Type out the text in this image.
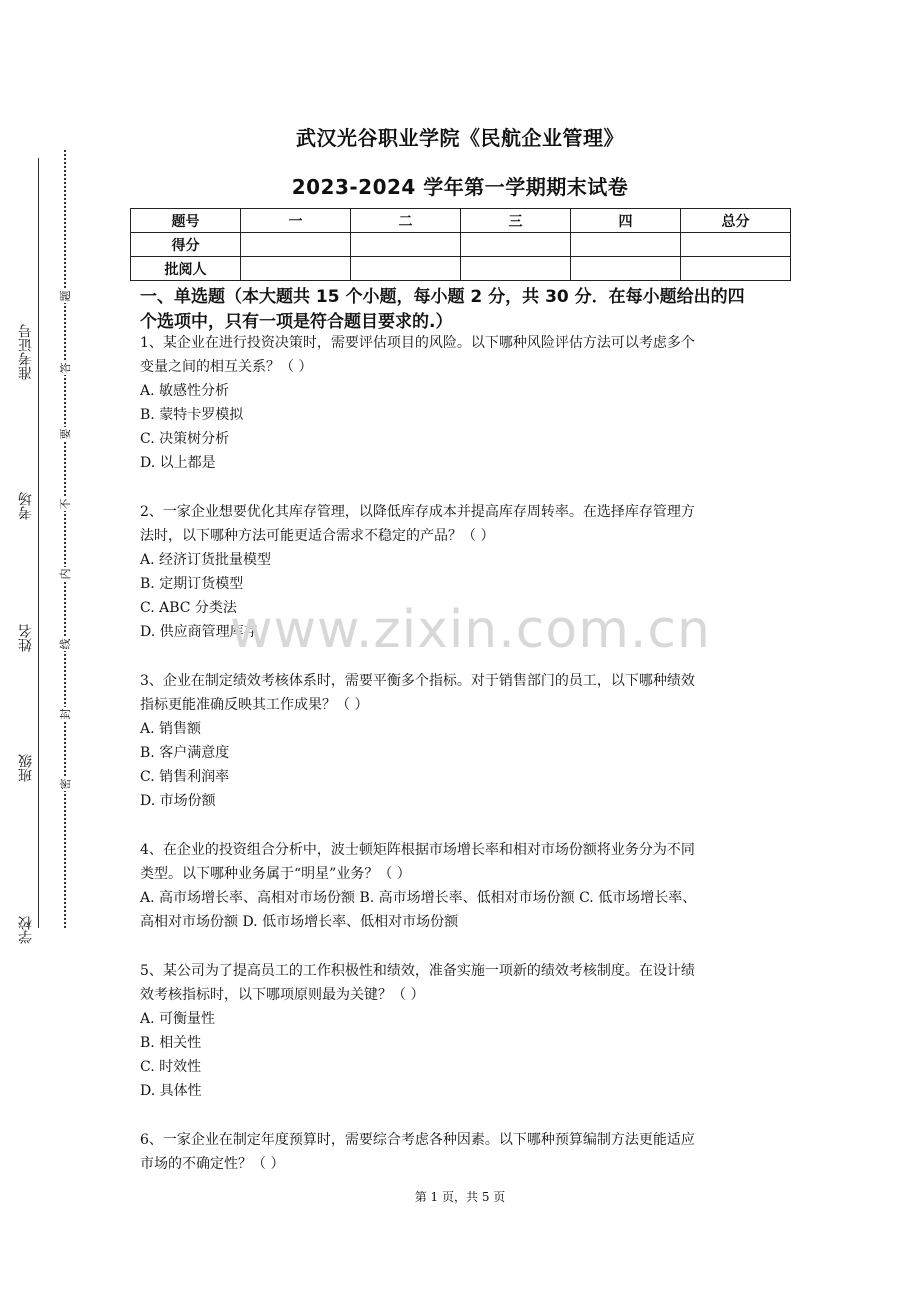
准考证号
考场
姓名
班级
学校
题
答
要
不
内
线
封
密
武汉光谷职业学院《民航企业管理》
2023-2024 学年第一学期期末试卷
题号	一	二	三	四	总分
得分					
批阅人					
一、单选题（本大题共 15 个小题，每小题 2 分，共 30 分．在每小题给出的四
个选项中，只有一项是符合题目要求的.）

1、某企业在进行投资决策时，需要评估项目的风险。以下哪种风险评估方法可以考虑多个

变量之间的相互关系？（ ）

A. 敏感性分析

B. 蒙特卡罗模拟

C. 决策树分析

D. 以上都是

2、一家企业想要优化其库存管理，以降低库存成本并提高库存周转率。在选择库存管理方

法时，以下哪种方法可能更适合需求不稳定的产品？（ ）

A. 经济订货批量模型

B. 定期订货模型

C. ABC 分类法

D. 供应商管理库存

3、企业在制定绩效考核体系时，需要平衡多个指标。对于销售部门的员工，以下哪种绩效

指标更能准确反映其工作成果？（ ）

A. 销售额

B. 客户满意度

C. 销售利润率

D. 市场份额

4、在企业的投资组合分析中，波士顿矩阵根据市场增长率和相对市场份额将业务分为不同

类型。以下哪种业务属于“明星”业务？（ ）

A. 高市场增长率、高相对市场份额 B. 高市场增长率、低相对市场份额 C. 低市场增长率、

高相对市场份额 D. 低市场增长率、低相对市场份额

5、某公司为了提高员工的工作积极性和绩效，准备实施一项新的绩效考核制度。在设计绩

效考核指标时，以下哪项原则最为关键？（ ）

A. 可衡量性

B. 相关性

C. 时效性

D. 具体性

6、一家企业在制定年度预算时，需要综合考虑各种因素。以下哪种预算编制方法更能适应

市场的不确定性？（ ）

www.zixin.com.cn
第 1 页，共 5 页
